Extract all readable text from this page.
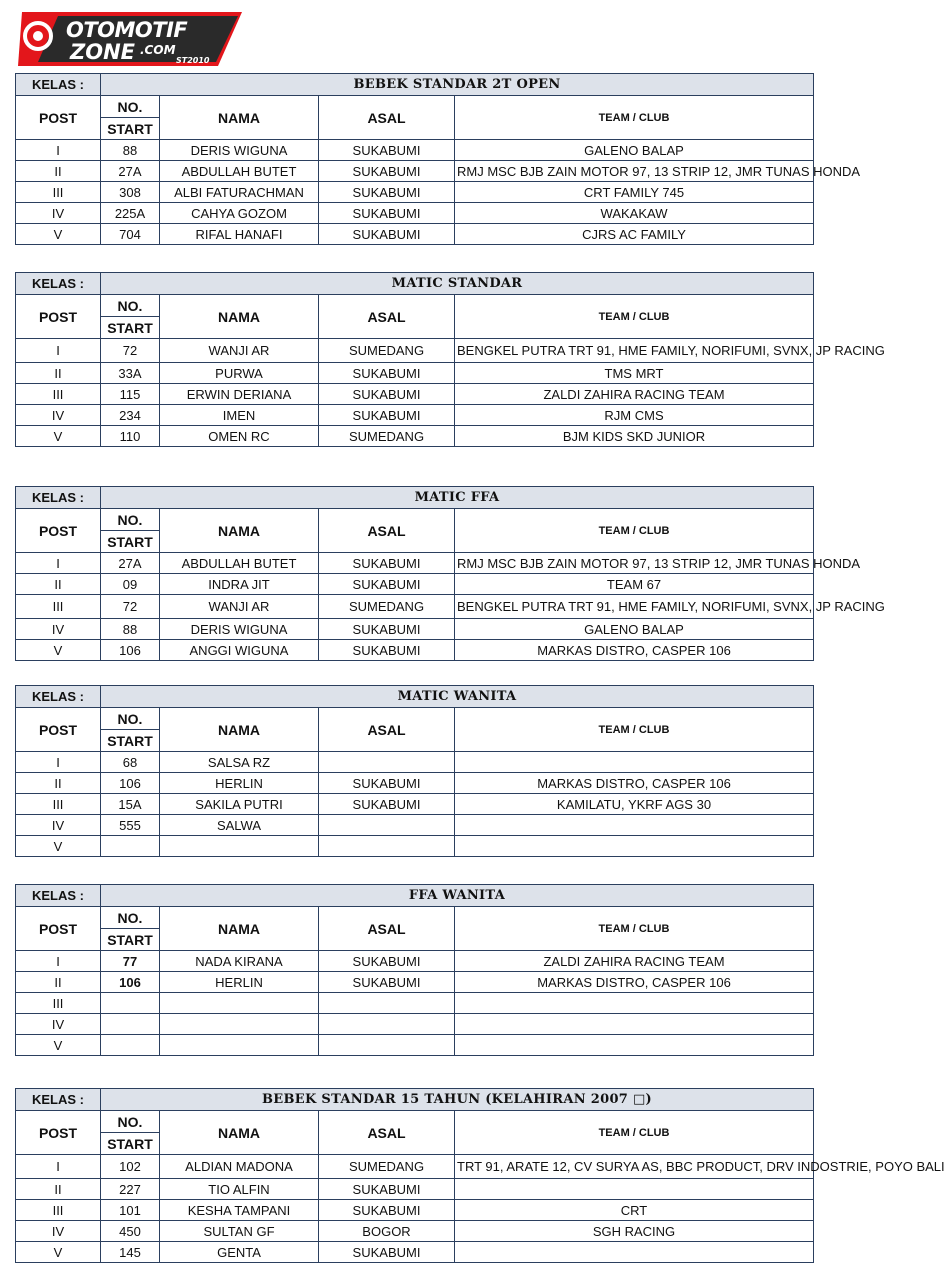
OTOMOTIF
ZONE .COM
ST2010
KELAS :	BEBEK STANDAR 2T OPEN			
POST	NO.	NAMA	ASAL	TEAM / CLUB
	START			
I	88	DERIS WIGUNA	SUKABUMI	GALENO BALAP
II	27A	ABDULLAH BUTET	SUKABUMI	RMJ MSC BJB ZAIN MOTOR 97, 13 STRIP 12, JMR TUNAS HONDA
III	308	ALBI FATURACHMAN	SUKABUMI	CRT FAMILY 745
IV	225A	CAHYA GOZOM	SUKABUMI	WAKAKAW
V	704	RIFAL HANAFI	SUKABUMI	CJRS AC FAMILY
KELAS :	MATIC STANDAR			
POST	NO.	NAMA	ASAL	TEAM / CLUB
	START			
I	72	WANJI AR	SUMEDANG	BENGKEL PUTRA TRT 91, HME FAMILY, NORIFUMI, SVNX, JP RACING
II	33A	PURWA	SUKABUMI	TMS MRT
III	115	ERWIN DERIANA	SUKABUMI	ZALDI ZAHIRA RACING TEAM
IV	234	IMEN	SUKABUMI	RJM CMS
V	110	OMEN RC	SUMEDANG	BJM KIDS SKD JUNIOR
KELAS :	MATIC FFA			
POST	NO.	NAMA	ASAL	TEAM / CLUB
	START			
I	27A	ABDULLAH BUTET	SUKABUMI	RMJ MSC BJB ZAIN MOTOR 97, 13 STRIP 12, JMR TUNAS HONDA
II	09	INDRA JIT	SUKABUMI	TEAM 67
III	72	WANJI AR	SUMEDANG	BENGKEL PUTRA TRT 91, HME FAMILY, NORIFUMI, SVNX, JP RACING
IV	88	DERIS WIGUNA	SUKABUMI	GALENO BALAP
V	106	ANGGI WIGUNA	SUKABUMI	MARKAS DISTRO, CASPER 106
KELAS :	MATIC WANITA			
POST	NO.	NAMA	ASAL	TEAM / CLUB
	START			
I	68	SALSA RZ		
II	106	HERLIN	SUKABUMI	MARKAS DISTRO, CASPER 106
III	15A	SAKILA PUTRI	SUKABUMI	KAMILATU, YKRF AGS 30
IV	555	SALWA		
V				
KELAS :	FFA WANITA			
POST	NO.	NAMA	ASAL	TEAM / CLUB
	START			
I	77	NADA KIRANA	SUKABUMI	ZALDI ZAHIRA RACING TEAM
II	106	HERLIN	SUKABUMI	MARKAS DISTRO, CASPER 106
III				
IV				
V				
KELAS :	BEBEK STANDAR 15 TAHUN (KELAHIRAN 2007 □)			
POST	NO.	NAMA	ASAL	TEAM / CLUB
	START			
I	102	ALDIAN MADONA	SUMEDANG	TRT 91, ARATE 12, CV SURYA AS, BBC PRODUCT, DRV INDOSTRIE, POYO BALI
II	227	TIO ALFIN	SUKABUMI	
III	101	KESHA TAMPANI	SUKABUMI	CRT
IV	450	SULTAN GF	BOGOR	SGH RACING
V	145	GENTA	SUKABUMI	
